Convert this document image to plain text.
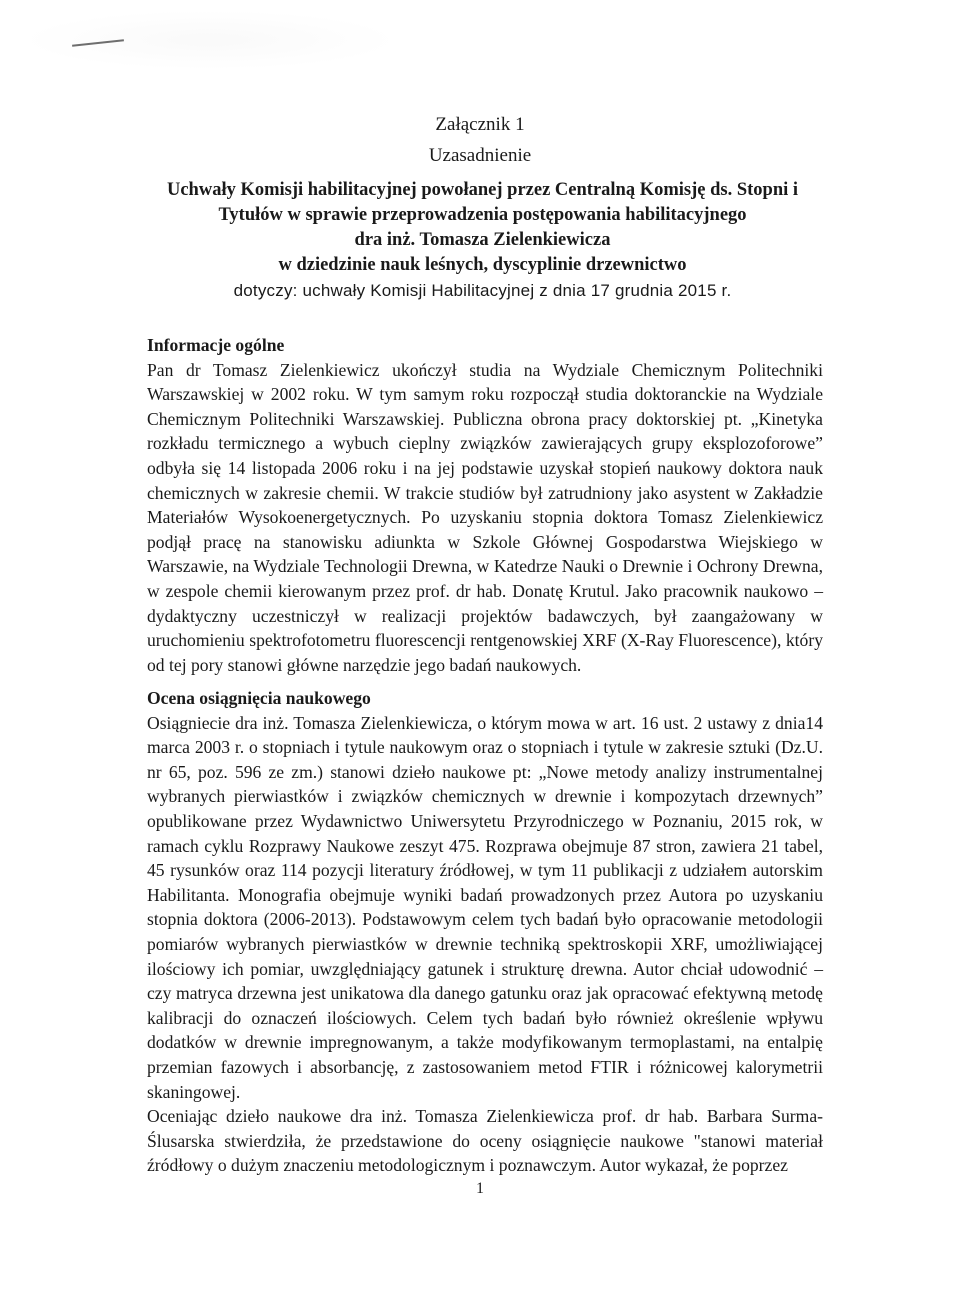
Załącznik 1
Uzasadnienie
Uchwały Komisji habilitacyjnej powołanej przez Centralną Komisję ds. Stopni i
Tytułów w sprawie przeprowadzenia postępowania habilitacyjnego
dra inż. Tomasza Zielenkiewicza
w dziedzinie nauk leśnych, dyscyplinie drzewnictwo
dotyczy: uchwały Komisji Habilitacyjnej z dnia 17 grudnia 2015 r.
Informacje ogólne

Pan dr Tomasz Zielenkiewicz ukończył studia na Wydziale Chemicznym Politechniki Warszawskiej w 2002 roku. W tym samym roku rozpoczął studia doktoranckie na Wydziale Chemicznym Politechniki Warszawskiej. Publiczna obrona pracy doktorskiej pt. „Kinetyka rozkładu termicznego a wybuch cieplny związków zawierających grupy eksplozoforowe” odbyła się 14 listopada 2006 roku i na jej podstawie uzyskał stopień naukowy doktora nauk chemicznych w zakresie chemii. W trakcie studiów był zatrudniony jako asystent w Zakładzie Materiałów Wysokoenergetycznych. Po uzyskaniu stopnia doktora Tomasz Zielenkiewicz podjął pracę na stanowisku adiunkta w Szkole Głównej Gospodarstwa Wiejskiego w Warszawie, na Wydziale Technologii Drewna, w Katedrze Nauki o Drewnie i Ochrony Drewna, w zespole chemii kierowanym przez prof. dr hab. Donatę Krutul. Jako pracownik naukowo – dydaktyczny uczestniczył w realizacji projektów badawczych, był zaangażowany w uruchomieniu spektrofotometru fluorescencji rentgenowskiej XRF (X-Ray Fluorescence), który od tej pory stanowi główne narzędzie jego badań naukowych.

Ocena osiągnięcia naukowego

Osiągniecie dra inż. Tomasza Zielenkiewicza, o którym mowa w art. 16 ust. 2 ustawy z dnia14 marca 2003 r. o stopniach i tytule naukowym oraz o stopniach i tytule w zakresie sztuki (Dz.U. nr 65, poz. 596 ze zm.) stanowi dzieło naukowe pt: „Nowe metody analizy instrumentalnej wybranych pierwiastków i związków chemicznych w drewnie i kompozytach drzewnych” opublikowane przez Wydawnictwo Uniwersytetu Przyrodniczego w Poznaniu, 2015 rok, w ramach cyklu Rozprawy Naukowe zeszyt 475. Rozprawa obejmuje 87 stron, zawiera 21 tabel, 45 rysunków oraz 114 pozycji literatury źródłowej, w tym 11 publikacji z udziałem autorskim Habilitanta. Monografia obejmuje wyniki badań prowadzonych przez Autora po uzyskaniu stopnia doktora (2006-2013). Podstawowym celem tych badań było opracowanie metodologii pomiarów wybranych pierwiastków w drewnie techniką spektroskopii XRF, umożliwiającej ilościowy ich pomiar, uwzględniający gatunek i strukturę drewna. Autor chciał udowodnić – czy matryca drzewna jest unikatowa dla danego gatunku oraz jak opracować efektywną metodę kalibracji do oznaczeń ilościowych. Celem tych badań było również określenie wpływu dodatków w drewnie impregnowanym, a także modyfikowanym termoplastami, na entalpię przemian fazowych i absorbancję, z zastosowaniem metod FTIR i różnicowej kalorymetrii skaningowej.

Oceniając dzieło naukowe dra inż. Tomasza Zielenkiewicza prof. dr hab. Barbara Surma-Ślusarska stwierdziła, że przedstawione do oceny osiągnięcie naukowe "stanowi materiał źródłowy o dużym znaczeniu metodologicznym i poznawczym. Autor wykazał, że poprzez

1
